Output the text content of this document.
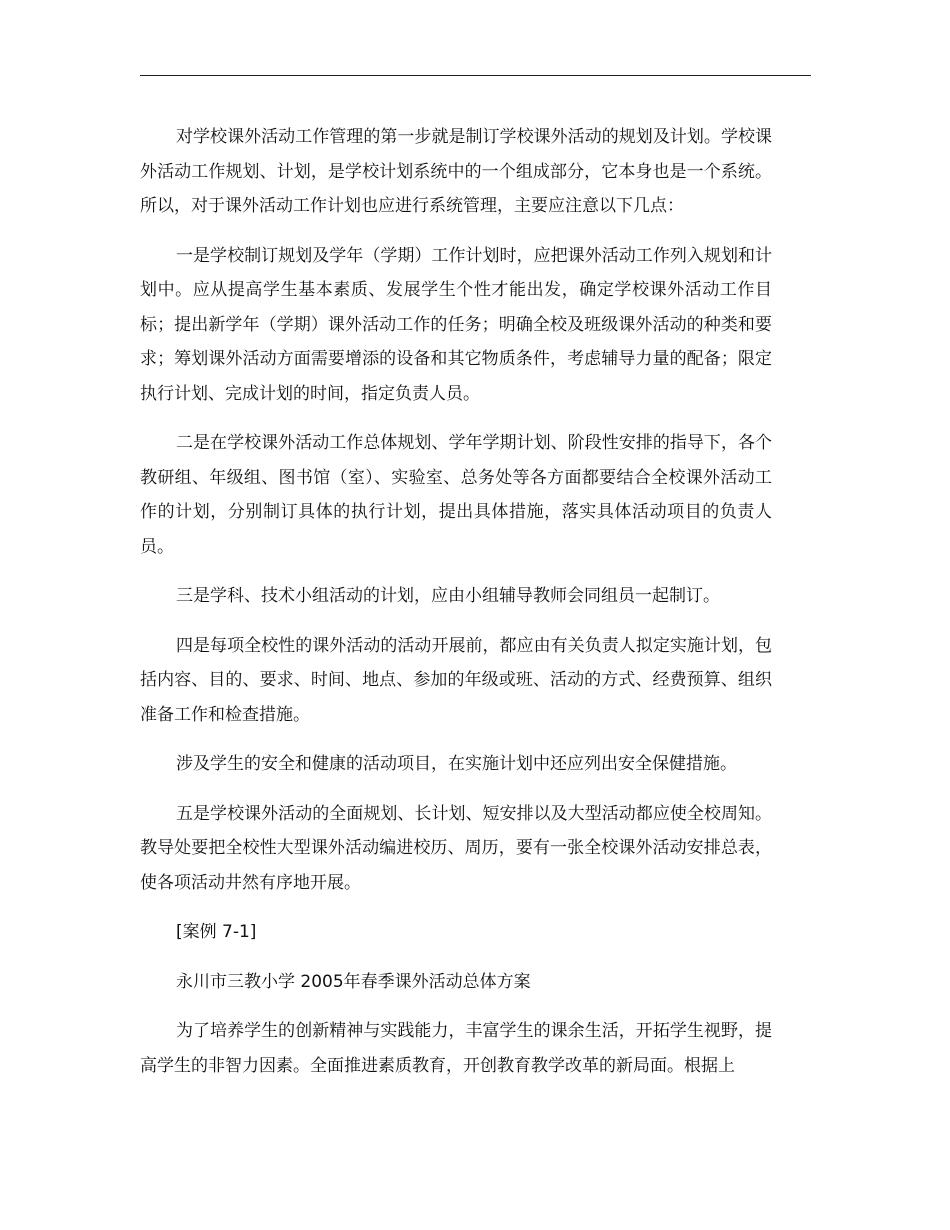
对学校课外活动工作管理的第一步就是制订学校课外活动的规划及计划。学校课外活动工作规划、计划，是学校计划系统中的一个组成部分，它本身也是一个系统。所以，对于课外活动工作计划也应进行系统管理，主要应注意以下几点：

一是学校制订规划及学年（学期）工作计划时，应把课外活动工作列入规划和计划中。应从提高学生基本素质、发展学生个性才能出发，确定学校课外活动工作目标；提出新学年（学期）课外活动工作的任务；明确全校及班级课外活动的种类和要求；筹划课外活动方面需要增添的设备和其它物质条件，考虑辅导力量的配备；限定执行计划、完成计划的时间，指定负责人员。

二是在学校课外活动工作总体规划、学年学期计划、阶段性安排的指导下，各个教研组、年级组、图书馆（室）、实验室、总务处等各方面都要结合全校课外活动工作的计划，分别制订具体的执行计划，提出具体措施，落实具体活动项目的负责人员。

三是学科、技术小组活动的计划，应由小组辅导教师会同组员一起制订。

四是每项全校性的课外活动的活动开展前，都应由有关负责人拟定实施计划，包括内容、目的、要求、时间、地点、参加的年级或班、活动的方式、经费预算、组织准备工作和检查措施。

涉及学生的安全和健康的活动项目，在实施计划中还应列出安全保健措施。

五是学校课外活动的全面规划、长计划、短安排以及大型活动都应使全校周知。教导处要把全校性大型课外活动编进校历、周历，要有一张全校课外活动安排总表，使各项活动井然有序地开展。

[案例 7-1]

永川市三教小学 2005年春季课外活动总体方案

为了培养学生的创新精神与实践能力，丰富学生的课余生活，开拓学生视野，提高学生的非智力因素。全面推进素质教育，开创教育教学改革的新局面。根据上
